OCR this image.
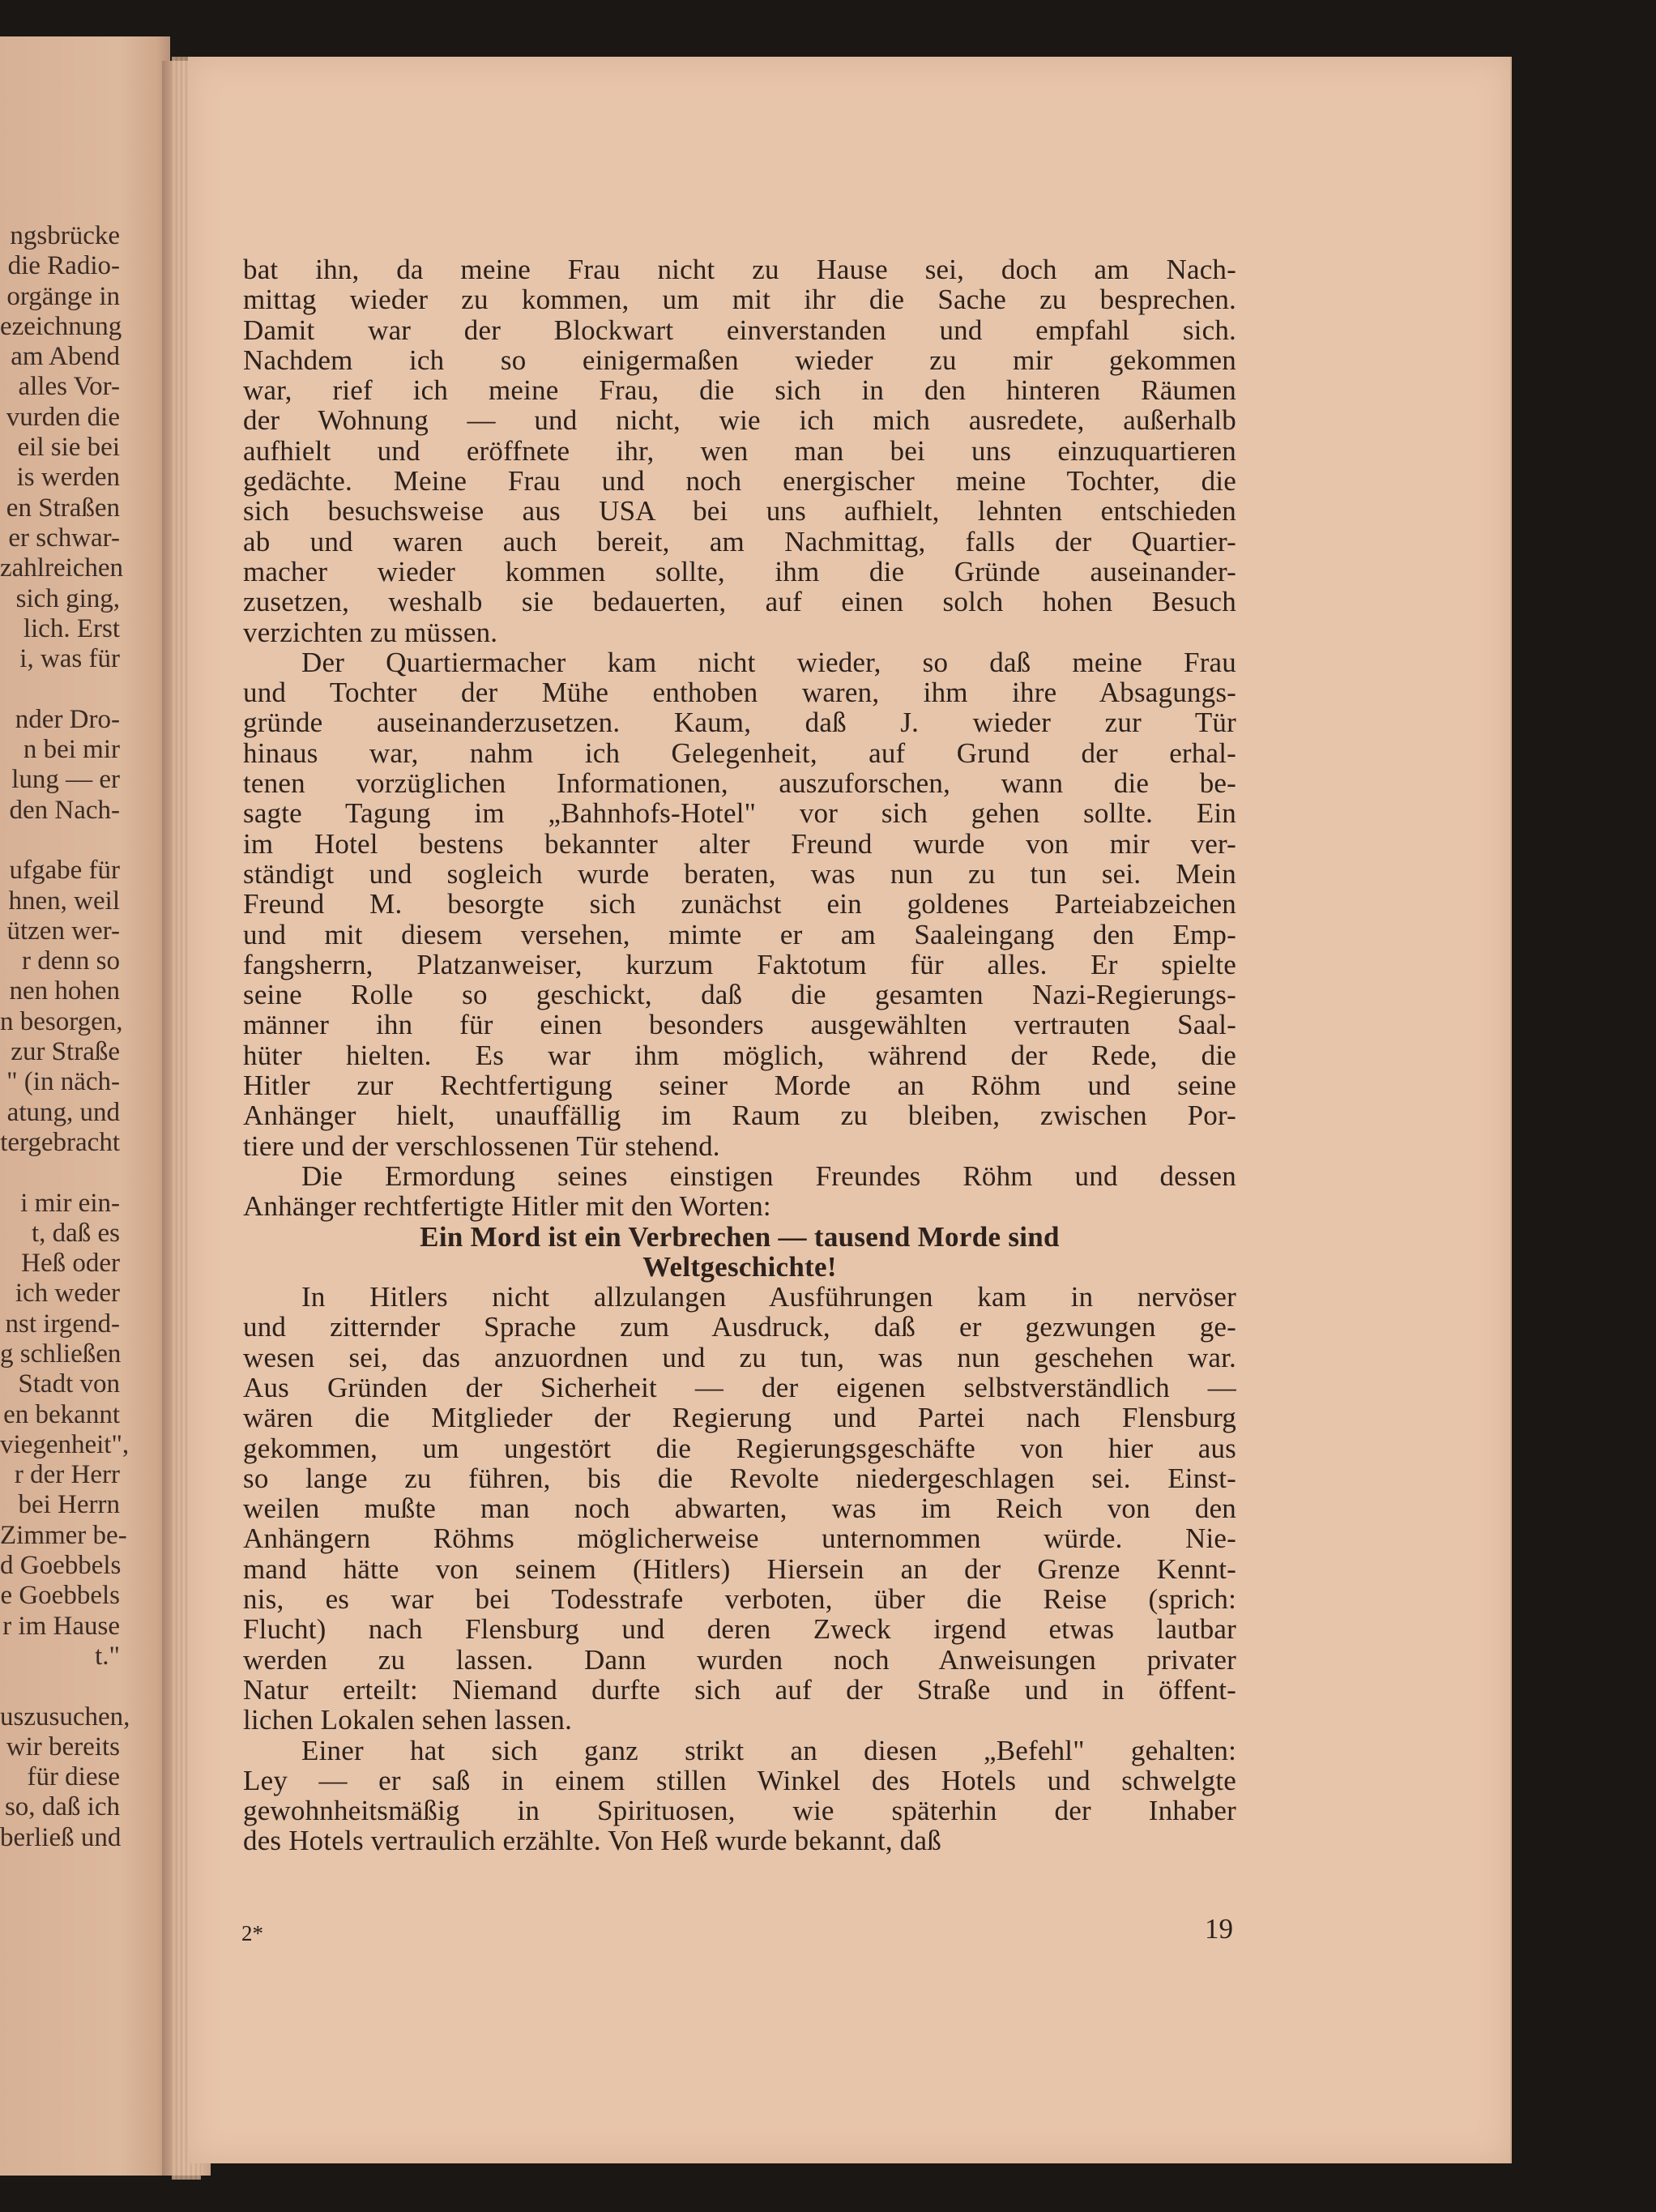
ngsbrücke
die Radio-
orgänge in
ezeichnung
am Abend
alles Vor-
vurden die
eil sie bei
is werden
en Straßen
er schwar-
zahlreichen
sich ging,
lich. Erst
i, was für

nder Dro-
n bei mir
lung — er
den Nach-

ufgabe für
hnen, weil
ützen wer-
r denn so
nen hohen
n besorgen,
zur Straße
" (in näch-
atung, und
tergebracht

i mir ein-
t, daß es
Heß oder
ich weder
nst irgend-
g schließen
Stadt von
en bekannt
viegenheit",
r der Herr
bei Herrn
Zimmer be-
d Goebbels
e Goebbels
r im Hause
t."

uszusuchen,
wir bereits
für diese
so, daß ich
berließ und
bat ihn, da meine Frau nicht zu Hause sei, doch am Nach-
mittag wieder zu kommen, um mit ihr die Sache zu besprechen.
Damit war der Blockwart einverstanden und empfahl sich.
Nachdem ich so einigermaßen wieder zu mir gekommen
war, rief ich meine Frau, die sich in den hinteren Räumen
der Wohnung — und nicht, wie ich mich ausredete, außerhalb
aufhielt und eröffnete ihr, wen man bei uns einzuquartieren
gedächte. Meine Frau und noch energischer meine Tochter, die
sich besuchsweise aus USA bei uns aufhielt, lehnten entschieden
ab und waren auch bereit, am Nachmittag, falls der Quartier-
macher wieder kommen sollte, ihm die Gründe auseinander-
zusetzen, weshalb sie bedauerten, auf einen solch hohen Besuch
verzichten zu müssen.
Der Quartiermacher kam nicht wieder, so daß meine Frau
und Tochter der Mühe enthoben waren, ihm ihre Absagungs-
gründe auseinanderzusetzen. Kaum, daß J. wieder zur Tür
hinaus war, nahm ich Gelegenheit, auf Grund der erhal-
tenen vorzüglichen Informationen, auszuforschen, wann die be-
sagte Tagung im „Bahnhofs-Hotel" vor sich gehen sollte. Ein
im Hotel bestens bekannter alter Freund wurde von mir ver-
ständigt und sogleich wurde beraten, was nun zu tun sei. Mein
Freund M. besorgte sich zunächst ein goldenes Parteiabzeichen
und mit diesem versehen, mimte er am Saaleingang den Emp-
fangsherrn, Platzanweiser, kurzum Faktotum für alles. Er spielte
seine Rolle so geschickt, daß die gesamten Nazi-Regierungs-
männer ihn für einen besonders ausgewählten vertrauten Saal-
hüter hielten. Es war ihm möglich, während der Rede, die
Hitler zur Rechtfertigung seiner Morde an Röhm und seine
Anhänger hielt, unauffällig im Raum zu bleiben, zwischen Por-
tiere und der verschlossenen Tür stehend.
Die Ermordung seines einstigen Freundes Röhm und dessen
Anhänger rechtfertigte Hitler mit den Worten:
Ein Mord ist ein Verbrechen — tausend Morde sind
Weltgeschichte!
In Hitlers nicht allzulangen Ausführungen kam in nervöser
und zitternder Sprache zum Ausdruck, daß er gezwungen ge-
wesen sei, das anzuordnen und zu tun, was nun geschehen war.
Aus Gründen der Sicherheit — der eigenen selbstverständlich —
wären die Mitglieder der Regierung und Partei nach Flensburg
gekommen, um ungestört die Regierungsgeschäfte von hier aus
so lange zu führen, bis die Revolte niedergeschlagen sei. Einst-
weilen mußte man noch abwarten, was im Reich von den
Anhängern Röhms möglicherweise unternommen würde. Nie-
mand hätte von seinem (Hitlers) Hiersein an der Grenze Kennt-
nis, es war bei Todesstrafe verboten, über die Reise (sprich:
Flucht) nach Flensburg und deren Zweck irgend etwas lautbar
werden zu lassen. Dann wurden noch Anweisungen privater
Natur erteilt: Niemand durfte sich auf der Straße und in öffent-
lichen Lokalen sehen lassen.
Einer hat sich ganz strikt an diesen „Befehl" gehalten:
Ley — er saß in einem stillen Winkel des Hotels und schwelgte
gewohnheitsmäßig in Spirituosen, wie späterhin der Inhaber
des Hotels vertraulich erzählte. Von Heß wurde bekannt, daß
2*	19
